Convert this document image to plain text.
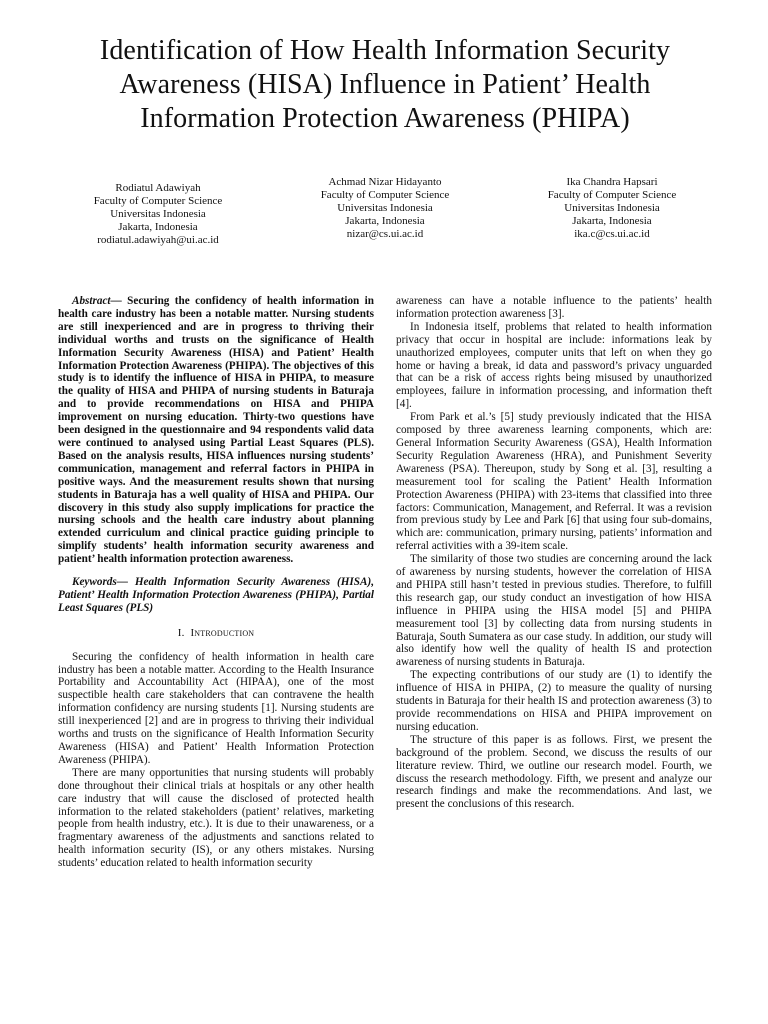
Identification of How Health Information Security Awareness (HISA) Influence in Patient’ Health Information Protection Awareness (PHIPA)
Rodiatul Adawiyah
Faculty of Computer Science
Universitas Indonesia
Jakarta, Indonesia
rodiatul.adawiyah@ui.ac.id
Achmad Nizar Hidayanto
Faculty of Computer Science
Universitas Indonesia
Jakarta, Indonesia
nizar@cs.ui.ac.id
Ika Chandra Hapsari
Faculty of Computer Science
Universitas Indonesia
Jakarta, Indonesia
ika.c@cs.ui.ac.id

Abstract— Securing the confidency of health information in health care industry has been a notable matter. Nursing students are still inexperienced and are in progress to thriving their individual worths and trusts on the significance of Health Information Security Awareness (HISA) and Patient’ Health Information Protection Awareness (PHIPA). The objectives of this study is to identify the influence of HISA in PHIPA, to measure the quality of HISA and PHIPA of nursing students in Baturaja and to provide recommendations on HISA and PHIPA improvement on nursing education. Thirty-two questions have been designed in the questionnaire and 94 respondents valid data were continued to analysed using Partial Least Squares (PLS). Based on the analysis results, HISA influences nursing students’ communication, management and referral factors in PHIPA in positive ways. And the measurement results shown that nursing students in Baturaja has a well quality of HISA and PHIPA. Our discovery in this study also supply implications for practice the nursing schools and the health care industry about planning extended curriculum and clinical practice guiding principle to simplify students’ health information security awareness and patient’ health information protection awareness.

Keywords— Health Information Security Awareness (HISA), Patient’ Health Information Protection Awareness (PHIPA), Partial Least Squares (PLS)

I. Introduction

Securing the confidency of health information in health care industry has been a notable matter. According to the Health Insurance Portability and Accountability Act (HIPAA), one of the most suspectible health care stakeholders that can contravene the health information confidency are nursing students [1]. Nursing students are still inexperienced [2] and are in progress to thriving their individual worths and trusts on the significance of Health Information Security Awareness (HISA) and Patient’ Health Information Protection Awareness (PHIPA).

There are many opportunities that nursing students will probably done throughout their clinical trials at hospitals or any other health care industry that will cause the disclosed of protected health information to the related stakeholders (patient’ relatives, marketing people from health industry, etc.). It is due to their unawareness, or a fragmentary awareness of the adjustments and sanctions related to health information security (IS), or any others mistakes. Nursing students’ education related to health information security

awareness can have a notable influence to the patients’ health information protection awareness [3].

In Indonesia itself, problems that related to health information privacy that occur in hospital are include: informations leak by unauthorized employees, computer units that left on when they go home or having a break, id data and password’s privacy unguarded that can be a risk of access rights being misused by unauthorized employees, failure in information processing, and information theft [4].

From Park et al.’s [5] study previously indicated that the HISA composed by three awareness learning components, which are: General Information Security Awareness (GSA), Health Information Security Regulation Awareness (HRA), and Punishment Severity Awareness (PSA). Thereupon, study by Song et al. [3], resulting a measurement tool for scaling the Patient’ Health Information Protection Awareness (PHIPA) with 23-items that classified into three factors: Communication, Management, and Referral. It was a revision from previous study by Lee and Park [6] that using four sub-domains, which are: communication, primary nursing, patients’ information and referral activities with a 39-item scale.

The similarity of those two studies are concerning around the lack of awareness by nursing students, however the correlation of HISA and PHIPA still hasn’t tested in previous studies. Therefore, to fulfill this research gap, our study conduct an investigation of how HISA influence in PHIPA using the HISA model [5] and PHIPA measurement tool [3] by collecting data from nursing students in Baturaja, South Sumatera as our case study. In addition, our study will also identify how well the quality of health IS and protection awareness of nursing students in Baturaja.

The expecting contributions of our study are (1) to identify the influence of HISA in PHIPA, (2) to measure the quality of nursing students in Baturaja for their health IS and protection awareness (3) to provide recommendations on HISA and PHIPA improvement on nursing education.

The structure of this paper is as follows. First, we present the background of the problem. Second, we discuss the results of our literature review. Third, we outline our research model. Fourth, we discuss the research methodology. Fifth, we present and analyze our research findings and make the recommendations. And last, we present the conclusions of this research.
